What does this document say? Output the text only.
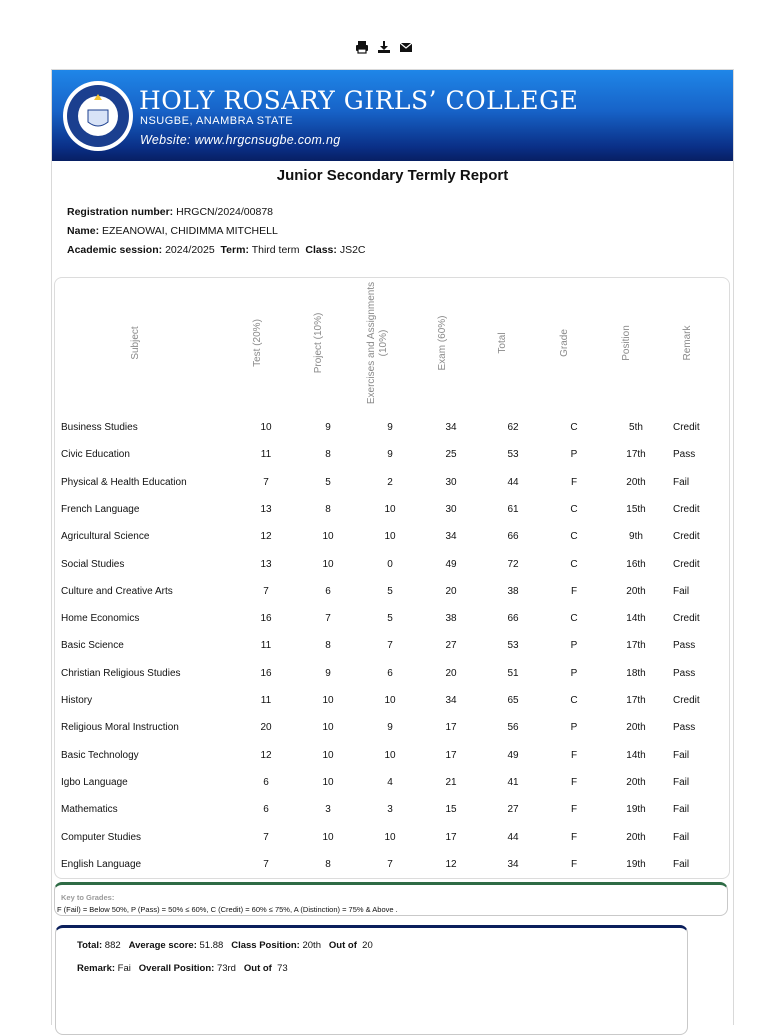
HOLY ROSARY GIRLS’ COLLEGE
NSUGBE, ANAMBRA STATE
Website: www.hrgcnsugbe.com.ng
Junior Secondary Termly Report
Registration number: HRGCN/2024/00878
Name: EZEANOWAI, CHIDIMMA MITCHELL
Academic session: 2024/2025 Term: Third term Class: JS2C
Subject	Test (20%)	Project (10%)	Exercises and Assignments (10%)	Exam (60%)	Total	Grade	Position	Remark
Business Studies	10	9	9	34	62	C	5th	Credit
Civic Education	11	8	9	25	53	P	17th	Pass
Physical & Health Education	7	5	2	30	44	F	20th	Fail
French Language	13	8	10	30	61	C	15th	Credit
Agricultural Science	12	10	10	34	66	C	9th	Credit
Social Studies	13	10	0	49	72	C	16th	Credit
Culture and Creative Arts	7	6	5	20	38	F	20th	Fail
Home Economics	16	7	5	38	66	C	14th	Credit
Basic Science	11	8	7	27	53	P	17th	Pass
Christian Religious Studies	16	9	6	20	51	P	18th	Pass
History	11	10	10	34	65	C	17th	Credit
Religious Moral Instruction	20	10	9	17	56	P	20th	Pass
Basic Technology	12	10	10	17	49	F	14th	Fail
Igbo Language	6	10	4	21	41	F	20th	Fail
Mathematics	6	3	3	15	27	F	19th	Fail
Computer Studies	7	10	10	17	44	F	20th	Fail
English Language	7	8	7	12	34	F	19th	Fail
Key to Grades:
F (Fail) = Below 50%, P (Pass) = 50% ≤ 60%, C (Credit) = 60% ≤ 75%, A (Distinction) = 75% & Above .
Total: 882 Average score: 51.88 Class Position: 20th Out of 20
Remark: Fai Overall Position: 73rd Out of 73
